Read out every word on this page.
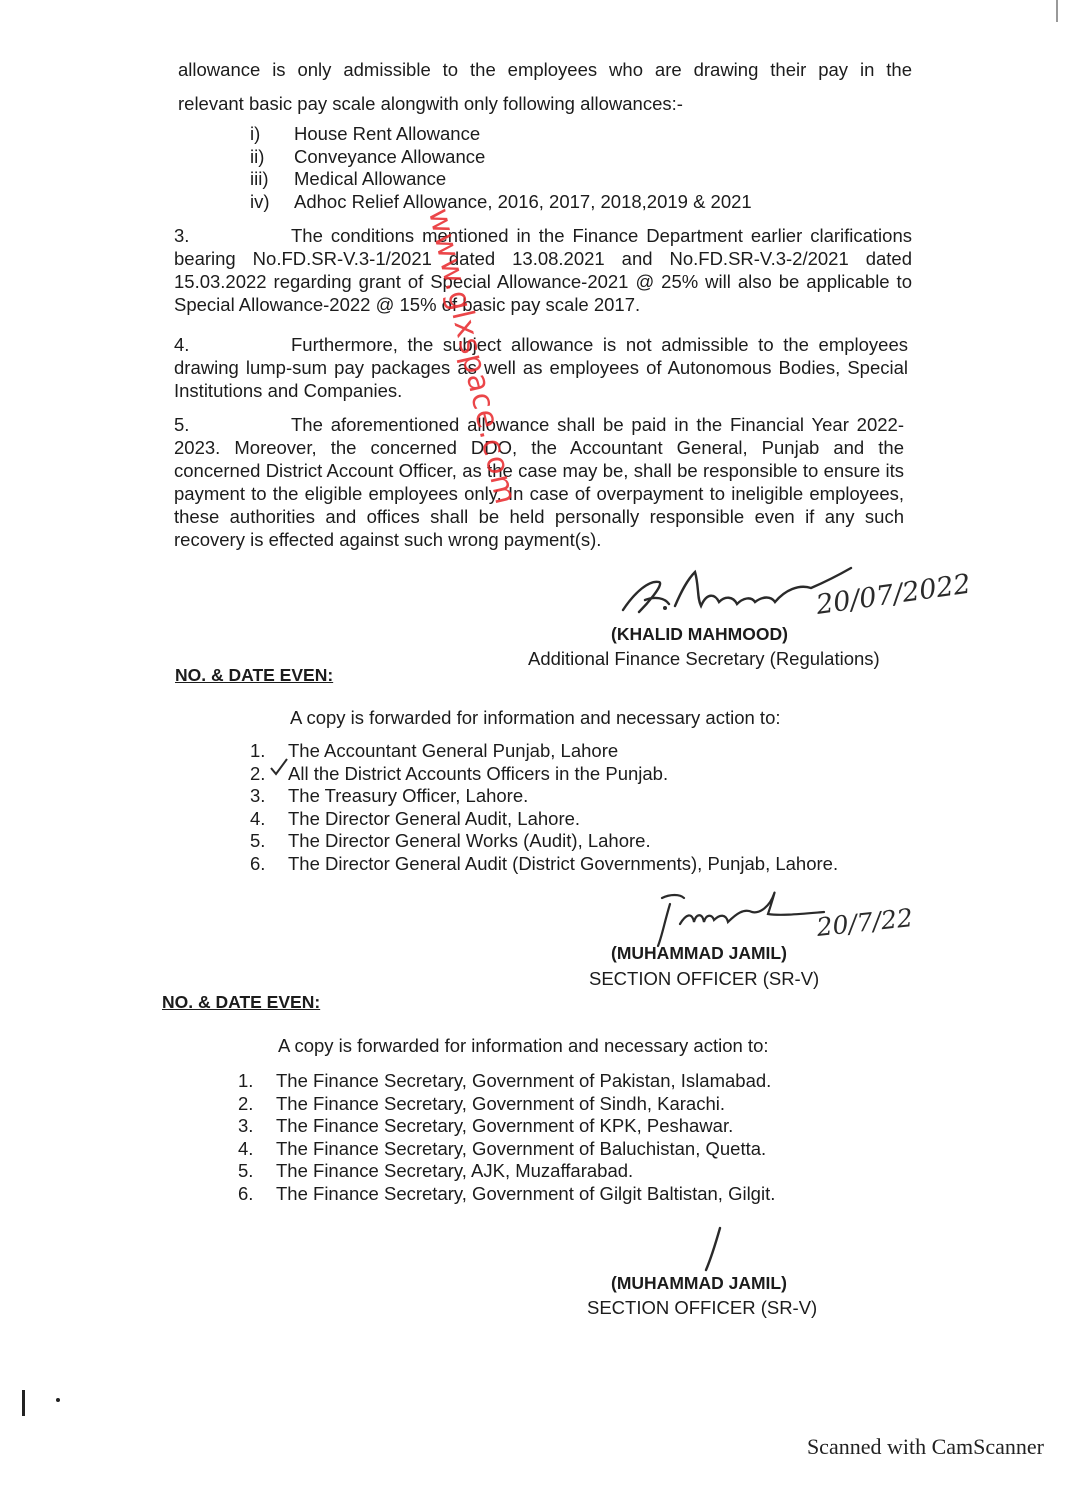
allowance is only admissible to the employees who are drawing their pay in the
relevant basic pay scale alongwith only following allowances:-
i)	House Rent Allowance
ii)	Conveyance Allowance
iii)	Medical Allowance
iv)	Adhoc Relief Allowance, 2016, 2017, 2018,2019 & 2021
3.	The conditions mentioned in the Finance Department earlier clarifications bearing No.FD.SR-V.3-1/2021 dated 13.08.2021 and No.FD.SR-V.3-2/2021 dated 15.03.2022 regarding grant of Special Allowance-2021 @ 25% will also be applicable to Special Allowance-2022 @ 15% of basic pay scale 2017.
4.	Furthermore, the subject allowance is not admissible to the employees drawing lump-sum pay packages as well as employees of Autonomous Bodies, Special Institutions and Companies.
5.	The aforementioned allowance shall be paid in the Financial Year 2022-2023. Moreover, the concerned DDO, the Accountant General, Punjab and the concerned District Account Officer, as the case may be, shall be responsible to ensure its payment to the eligible employees only. In case of overpayment to ineligible employees, these authorities and offices shall be held personally responsible even if any such recovery is effected against such wrong payment(s).
www.glxspace.com
20/07/2022
(KHALID MAHMOOD)
Additional Finance Secretary (Regulations)
NO. & DATE EVEN:
A copy is forwarded for information and necessary action to:
1.	The Accountant General Punjab, Lahore
2.	All the District Accounts Officers in the Punjab.
3.	The Treasury Officer, Lahore.
4.	The Director General Audit, Lahore.
5.	The Director General Works (Audit), Lahore.
6.	The Director General Audit (District Governments), Punjab, Lahore.
20/7/22
(MUHAMMAD JAMIL)
SECTION OFFICER (SR-V)
NO. & DATE EVEN:
A copy is forwarded for information and necessary action to:
1.	The Finance Secretary, Government of Pakistan, Islamabad.
2.	The Finance Secretary, Government of Sindh, Karachi.
3.	The Finance Secretary, Government of KPK, Peshawar.
4.	The Finance Secretary, Government of Baluchistan, Quetta.
5.	The Finance Secretary, AJK, Muzaffarabad.
6.	The Finance Secretary, Government of Gilgit Baltistan, Gilgit.
(MUHAMMAD JAMIL)
SECTION OFFICER (SR-V)
Scanned with CamScanner
